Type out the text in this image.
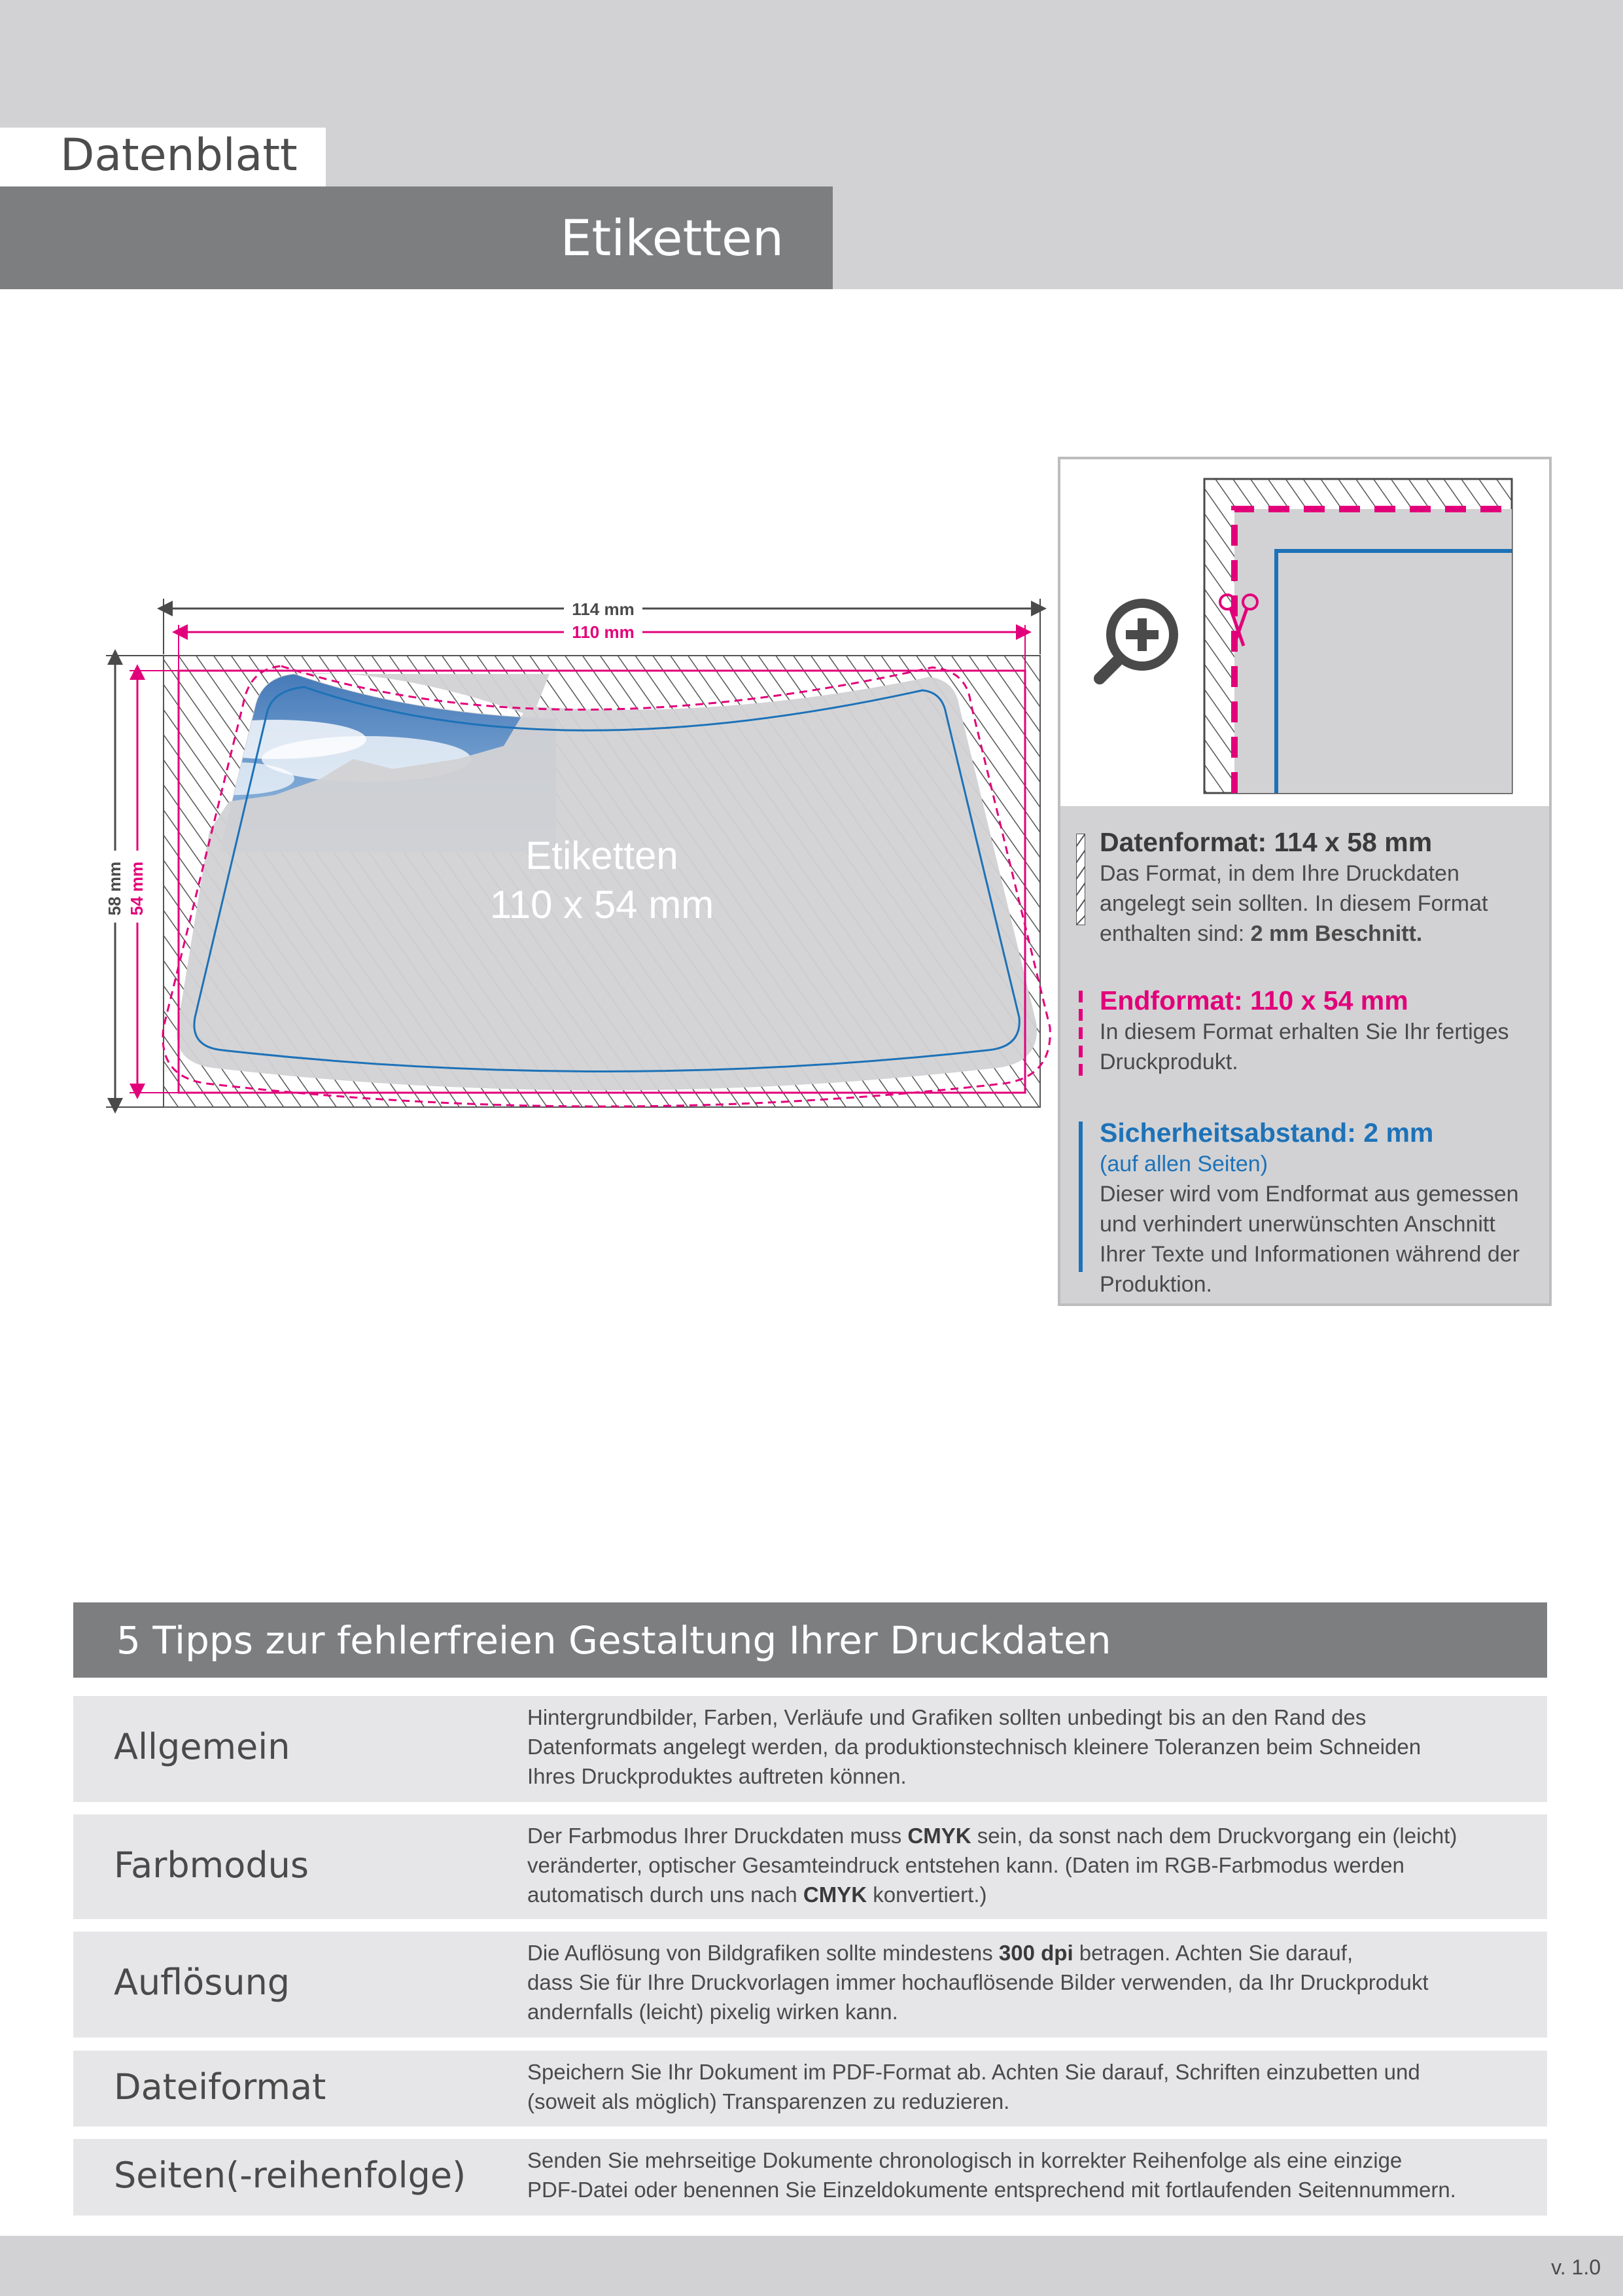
Datenblatt
Etiketten
Etiketten
110 x 54 mm
114 mm
110 mm
58 mm 54 mm
Datenformat: 114 x 58 mm
Das Format, in dem Ihre Druckdaten
angelegt sein sollten. In diesem Format
enthalten sind: 2 mm Beschnitt.
Endformat: 110 x 54 mm
In diesem Format erhalten Sie Ihr fertiges
Druckprodukt.
Sicherheitsabstand: 2 mm
(auf allen Seiten)
Dieser wird vom Endformat aus gemessen
und verhindert unerwünschten Anschnitt
Ihrer Texte und Informationen während der
Produktion.
5 Tipps zur fehlerfreien Gestaltung Ihrer Druckdaten
Allgemein
Hintergrundbilder, Farben, Verläufe und Grafiken sollten unbedingt bis an den Rand des
Datenformats angelegt werden, da produktionstechnisch kleinere Toleranzen beim Schneiden
Ihres Druckproduktes auftreten können.
Farbmodus
Der Farbmodus Ihrer Druckdaten muss CMYK sein, da sonst nach dem Druckvorgang ein (leicht)
veränderter, optischer Gesamteindruck entstehen kann. (Daten im RGB-Farbmodus werden
automatisch durch uns nach CMYK konvertiert.)
Auflösung
Die Auflösung von Bildgrafiken sollte mindestens 300 dpi betragen. Achten Sie darauf,
dass Sie für Ihre Druckvorlagen immer hochauflösende Bilder verwenden, da Ihr Druckprodukt
andernfalls (leicht) pixelig wirken kann.
Dateiformat	Speichern Sie Ihr Dokument im PDF-Format ab. Achten Sie darauf, Schriften einzubetten und
(soweit als möglich) Transparenzen zu reduzieren.
Seiten(-reihenfolge)	Senden Sie mehrseitige Dokumente chronologisch in korrekter Reihenfolge als eine einzige
PDF-Datei oder benennen Sie Einzeldokumente entsprechend mit fortlaufenden Seitennummern.
v. 1.0
